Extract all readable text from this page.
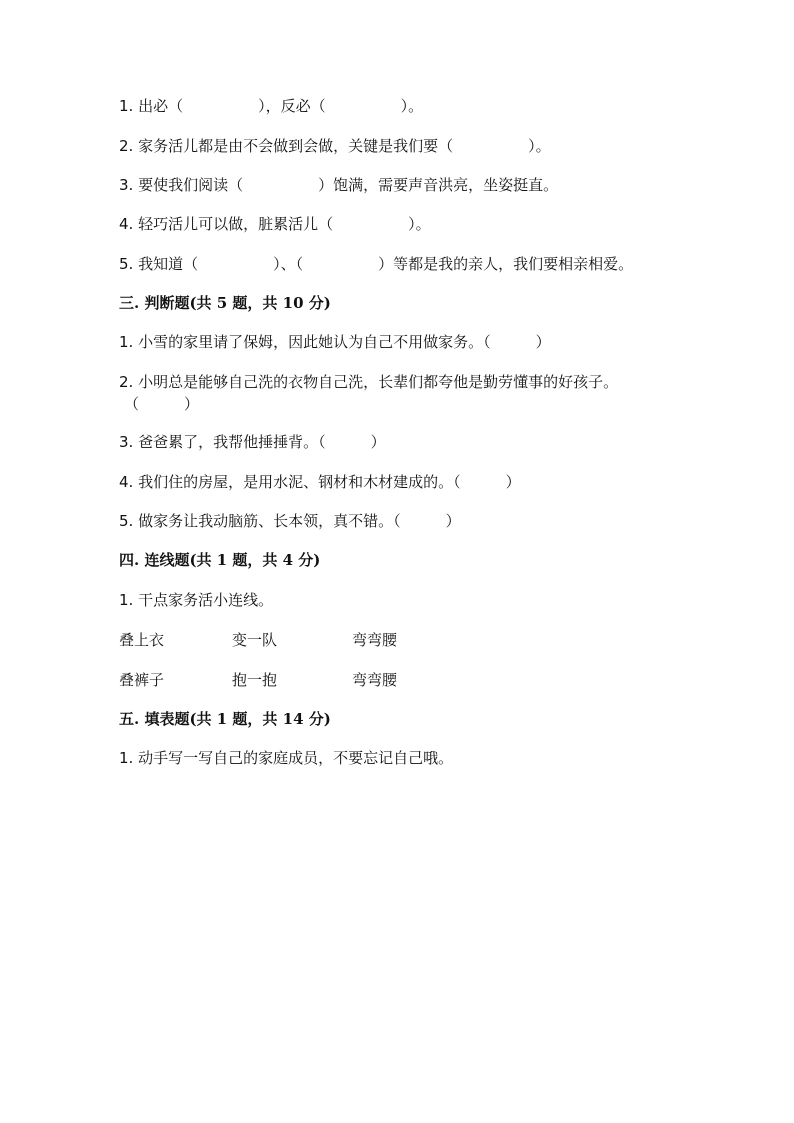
1. 出必（　　　　　），反必（　　　　　）。
2. 家务活儿都是由不会做到会做，关键是我们要（　　　　　）。
3. 要使我们阅读（　　　　　）饱满，需要声音洪亮，坐姿挺直。
4. 轻巧活儿可以做，脏累活儿（　　　　　）。
5. 我知道（　　　　　）、（　　　　　）等都是我的亲人，我们要相亲相爱。
三. 判断题(共 5 题，共 10 分)
1. 小雪的家里请了保姆，因此她认为自己不用做家务。（　　　）
2. 小明总是能够自己洗的衣物自己洗，长辈们都夸他是勤劳懂事的好孩子。
（　　　）
3. 爸爸累了，我帮他捶捶背。（　　　）
4. 我们住的房屋，是用水泥、钢材和木材建成的。（　　　）
5. 做家务让我动脑筋、长本领，真不错。（　　　）
四. 连线题(共 1 题，共 4 分)
1. 干点家务活小连线。
叠上衣	变一队	弯弯腰
叠裤子	抱一抱	弯弯腰
五. 填表题(共 1 题，共 14 分)
1. 动手写一写自己的家庭成员，不要忘记自己哦。
